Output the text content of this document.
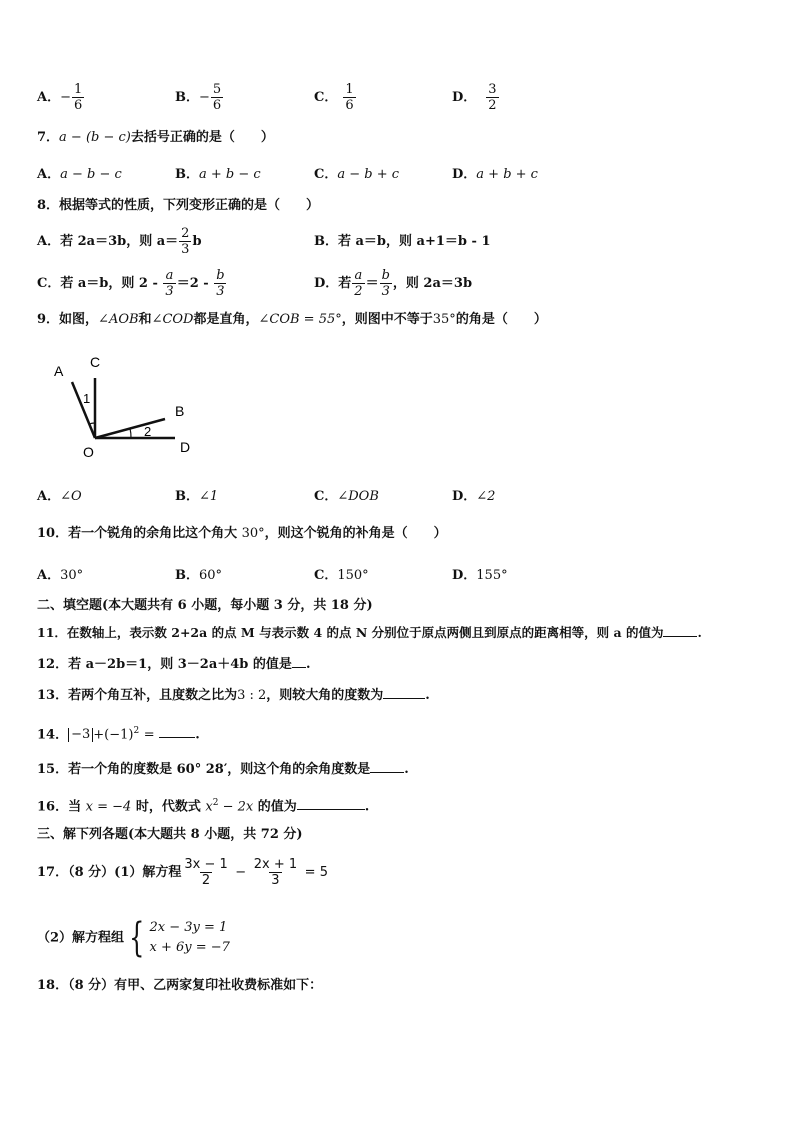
A．− $\frac{1}{6}$	B．− $\frac{5}{6}$	C． $\frac{1}{6}$	D． $\frac{3}{2}$
7．a − (b − c)去括号正确的是（　　）
A．a − b − c	B．a + b − c	C．a − b + c	D．a + b + c
8．根据等式的性质，下列变形正确的是（　　）
A．若 2a＝3b，则 $a= \frac{2}{3}$ b	B．若 a＝b，则 a+1＝b - 1
C．若 a＝b，则 $2 - \frac{a}{3} =2 - \frac{b}{3}$	D．若 $\frac{a}{2} = \frac{b}{3}$ ，则 2a＝3b
9．如图，∠AOB和∠COD都是直角，∠COB = 55°，则图中不等于35°的角是（　　）
A
C
B
O	D
1
2
A．∠O	B．∠1	C．∠DOB	D．∠2
10．若一个锐角的余角比这个角大 30°，则这个锐角的补角是（　　）
A．30°	B．60°	C．150°	D．155°
二、填空题(本大题共有 6 小题，每小题 3 分，共 18 分)
11．在数轴上，表示数 2+2a 的点 M 与表示数 4 的点 N 分别位于原点两侧且到原点的距离相等，则 a 的值为	.
12．若 a－2b＝1，则 3－2a＋4b 的值是 .
13．若两个角互补，且度数之比为3 : 2，则较大角的度数为	.
14． $-3 +(-1)^2$ =	.
15．若一个角的度数是 60° 28′，则这个角的余角度数是	.
16．当 x = −4 时，代数式 $x^2 - 2x$ 的值为	.
三、解下列各题(本大题共 8 小题，共 72 分)
17．（8 分）(1）解方程 $\frac{3x - 1}{2} - \frac{2x + 1}{3} = 5$
（2）解方程组 { 2x − 3y = 1
x + 6y = −7
18．（8 分）有甲、乙两家复印社收费标准如下：
